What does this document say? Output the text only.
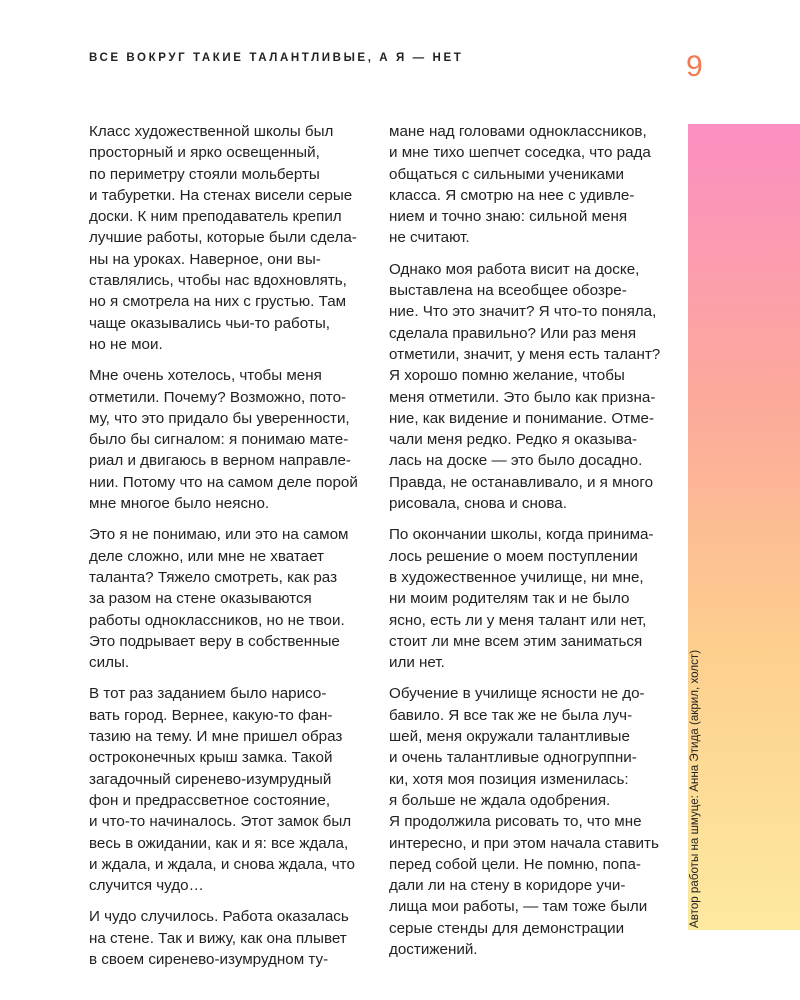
ВСЕ ВОКРУГ ТАКИЕ ТАЛАНТЛИВЫЕ, А Я — НЕТ	9

Класс художественной школы был
просторный и ярко освещенный,
по периметру стояли мольберты
и табуретки. На стенах висели серые
доски. К ним преподаватель крепил
лучшие работы, которые были сдела-
ны на уроках. Наверное, они вы-
ставлялись, чтобы нас вдохновлять,
но я смотрела на них с грустью. Там
чаще оказывались чьи-то работы,
но не мои.

Мне очень хотелось, чтобы меня
отметили. Почему? Возможно, пото-
му, что это придало бы уверенности,
было бы сигналом: я понимаю мате-
риал и двигаюсь в верном направле-
нии. Потому что на самом деле порой
мне многое было неясно.

Это я не понимаю, или это на самом
деле сложно, или мне не хватает
таланта? Тяжело смотреть, как раз
за разом на стене оказываются
работы одноклассников, но не твои.
Это подрывает веру в собственные
силы.

В тот раз заданием было нарисо-
вать город. Вернее, какую-то фан-
тазию на тему. И мне пришел образ
остроконечных крыш замка. Такой
загадочный сиренево-изумрудный
фон и предрассветное состояние,
и что-то начиналось. Этот замок был
весь в ожидании, как и я: все ждала,
и ждала, и ждала, и снова ждала, что
случится чудо…

И чудо случилось. Работа оказалась
на стене. Так и вижу, как она плывет
в своем сиренево-изумрудном ту-

мане над головами одноклассников,
и мне тихо шепчет соседка, что рада
общаться с сильными учениками
класса. Я смотрю на нее с удивле-
нием и точно знаю: сильной меня
не считают.

Однако моя работа висит на доске,
выставлена на всеобщее обозре-
ние. Что это значит? Я что-то поняла,
сделала правильно? Или раз меня
отметили, значит, у меня есть талант?
Я хорошо помню желание, чтобы
меня отметили. Это было как призна-
ние, как видение и понимание. Отме-
чали меня редко. Редко я оказыва-
лась на доске — это было досадно.
Правда, не останавливало, и я много
рисовала, снова и снова.

По окончании школы, когда принима-
лось решение о моем поступлении
в художественное училище, ни мне,
ни моим родителям так и не было
ясно, есть ли у меня талант или нет,
стоит ли мне всем этим заниматься
или нет.

Обучение в училище ясности не до-
бавило. Я все так же не была луч-
шей, меня окружали талантливые
и очень талантливые одногруппни-
ки, хотя моя позиция изменилась:
я больше не ждала одобрения.
Я продолжила рисовать то, что мне
интересно, и при этом начала ставить
перед собой цели. Не помню, попа-
дали ли на стену в коридоре учи-
лища мои работы, — там тоже были
серые стенды для демонстрации
достижений.

Автор работы на шмуце: Анна Этида (акрил, холст)
